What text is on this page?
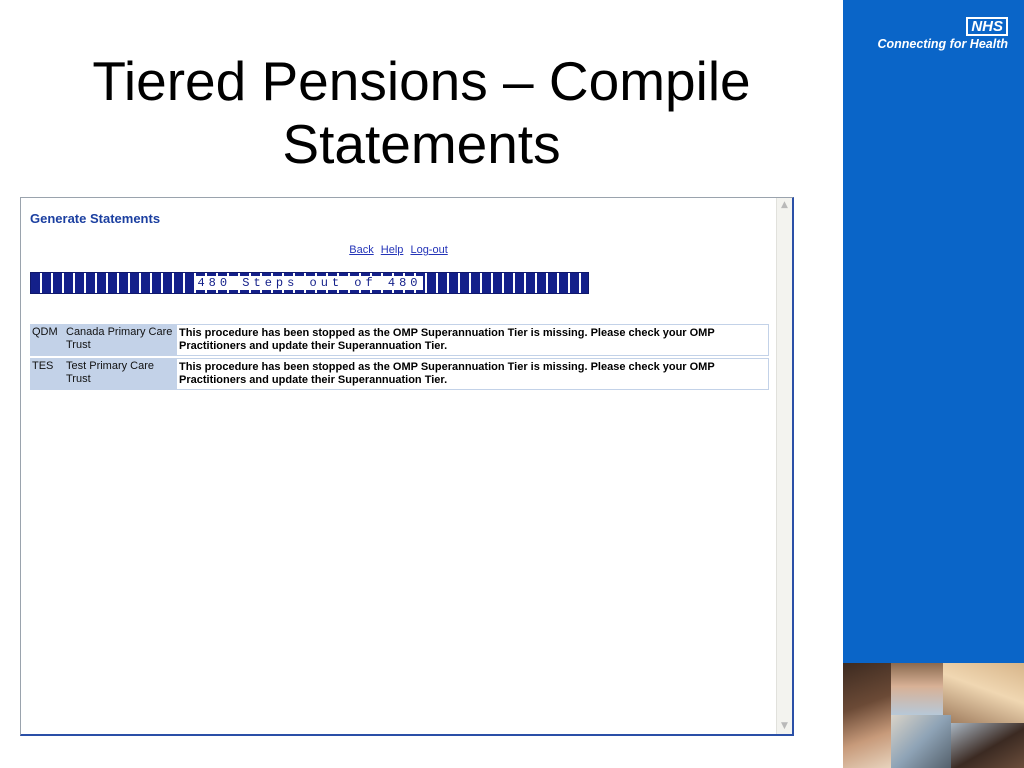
Tiered Pensions – Compile
Statements
NHS
Connecting for Health
Generate Statements
Back Help Log-out
480 Steps out of 480
QDM	Canada Primary Care Trust	This procedure has been stopped as the OMP Superannuation Tier is missing. Please check your OMP Practitioners and update their Superannuation Tier.
TES	Test Primary Care Trust	This procedure has been stopped as the OMP Superannuation Tier is missing. Please check your OMP Practitioners and update their Superannuation Tier.
▲
▼
